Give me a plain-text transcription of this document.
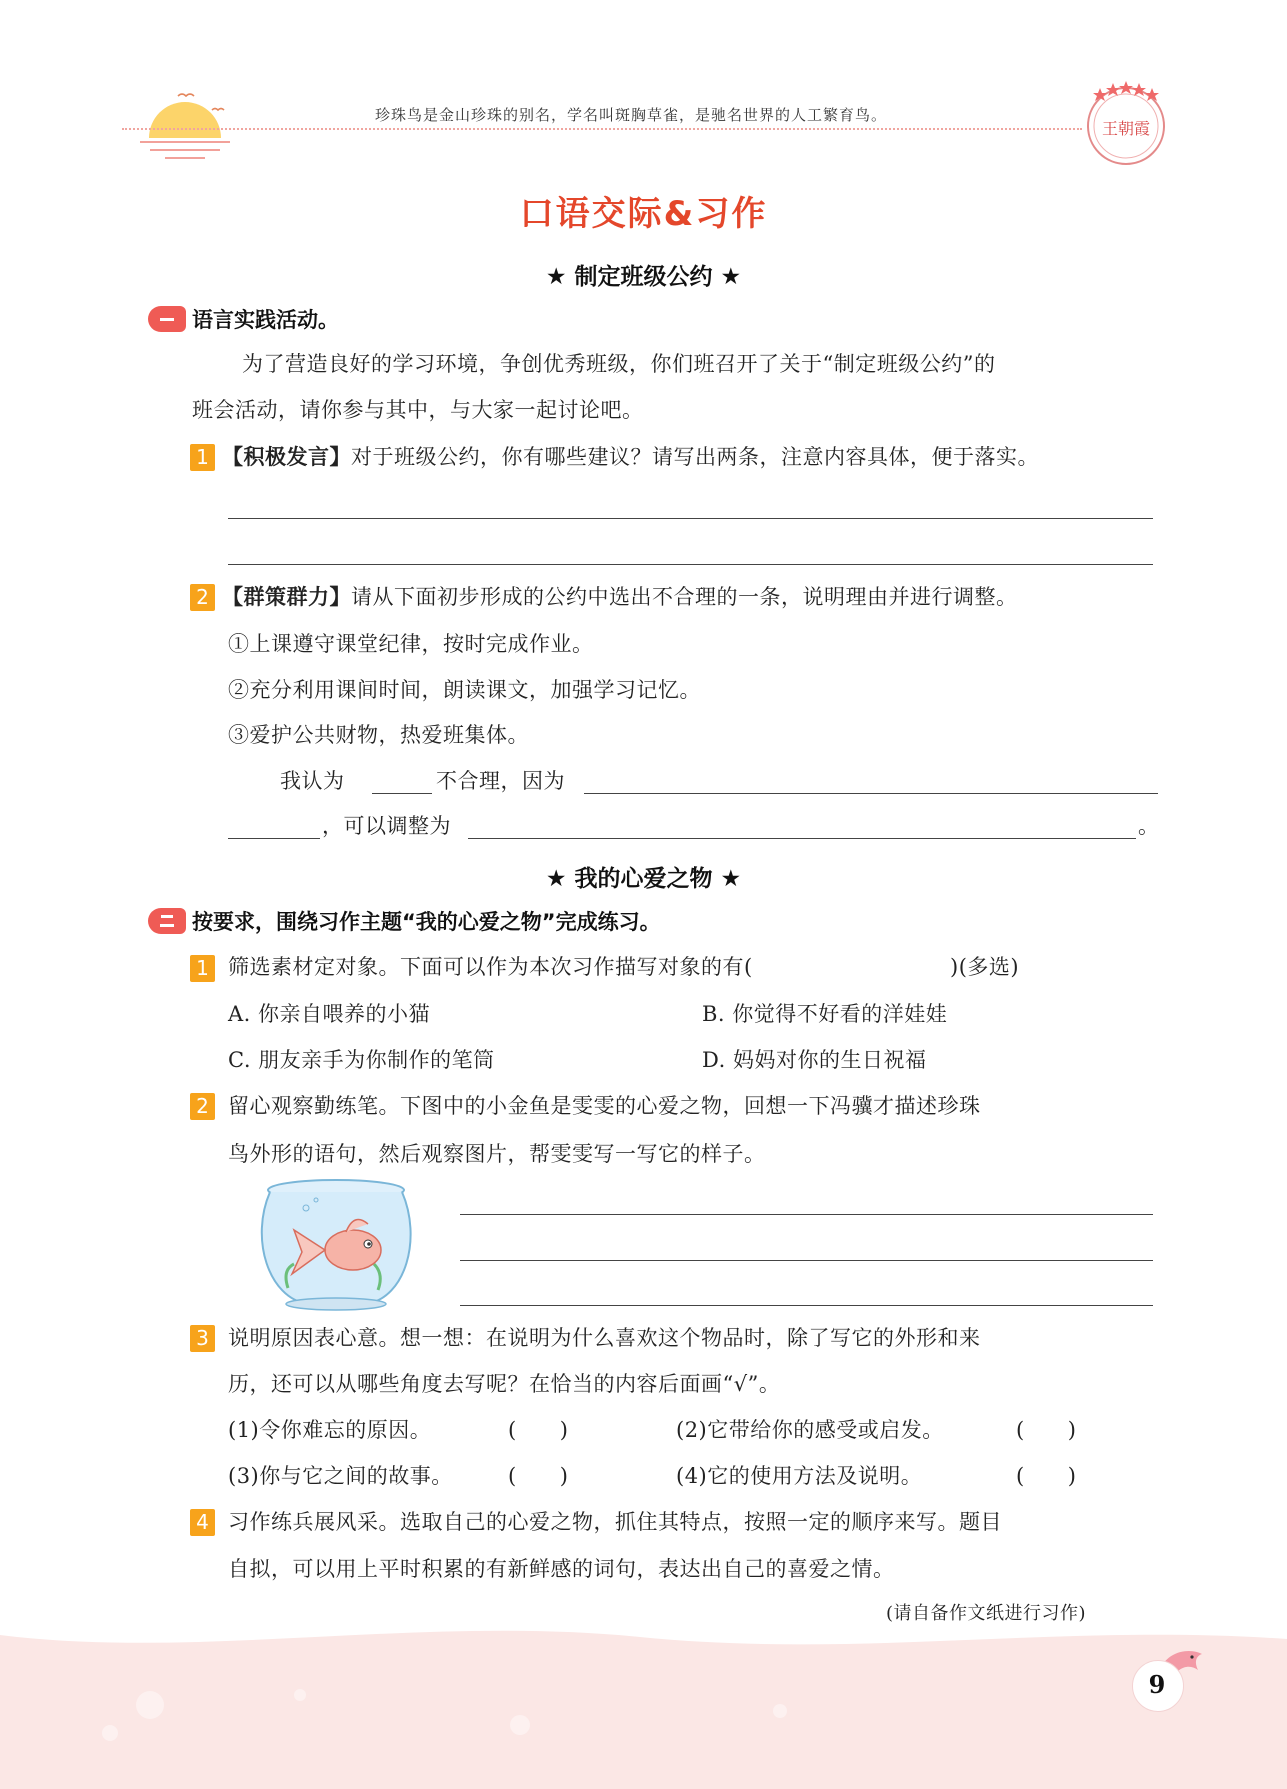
珍珠鸟是金山珍珠的别名，学名叫斑胸草雀，是驰名世界的人工繁育鸟。
王朝霞
口语交际&习作
★ 制定班级公约 ★
语言实践活动。
为了营造良好的学习环境，争创优秀班级，你们班召开了关于“制定班级公约”的
班会活动，请你参与其中，与大家一起讨论吧。
1 【积极发言】对于班级公约，你有哪些建议？请写出两条，注意内容具体，便于落实。
2 【群策群力】请从下面初步形成的公约中选出不合理的一条，说明理由并进行调整。
①上课遵守课堂纪律，按时完成作业。
②充分利用课间时间，朗读课文，加强学习记忆。
③爱护公共财物，热爱班集体。
我认为	不合理，因为
，可以调整为	。
★ 我的心爱之物 ★
按要求，围绕习作主题“我的心爱之物”完成练习。
1 筛选素材定对象。下面可以作为本次习作描写对象的有(	)(多选)
A. 你亲自喂养的小猫	B. 你觉得不好看的洋娃娃
C. 朋友亲手为你制作的笔筒	D. 妈妈对你的生日祝福
2 留心观察勤练笔。下图中的小金鱼是雯雯的心爱之物，回想一下冯骥才描述珍珠
鸟外形的语句，然后观察图片，帮雯雯写一写它的样子。
3 说明原因表心意。想一想：在说明为什么喜欢这个物品时，除了写它的外形和来
历，还可以从哪些角度去写呢？在恰当的内容后面画“√”。
(1)令你难忘的原因。	(　　)	(2)它带给你的感受或启发。	(　　)
(3)你与它之间的故事。	(　　)	(4)它的使用方法及说明。	(　　)
4 习作练兵展风采。选取自己的心爱之物，抓住其特点，按照一定的顺序来写。题目
自拟，可以用上平时积累的有新鲜感的词句，表达出自己的喜爱之情。
(请自备作文纸进行习作)
9
